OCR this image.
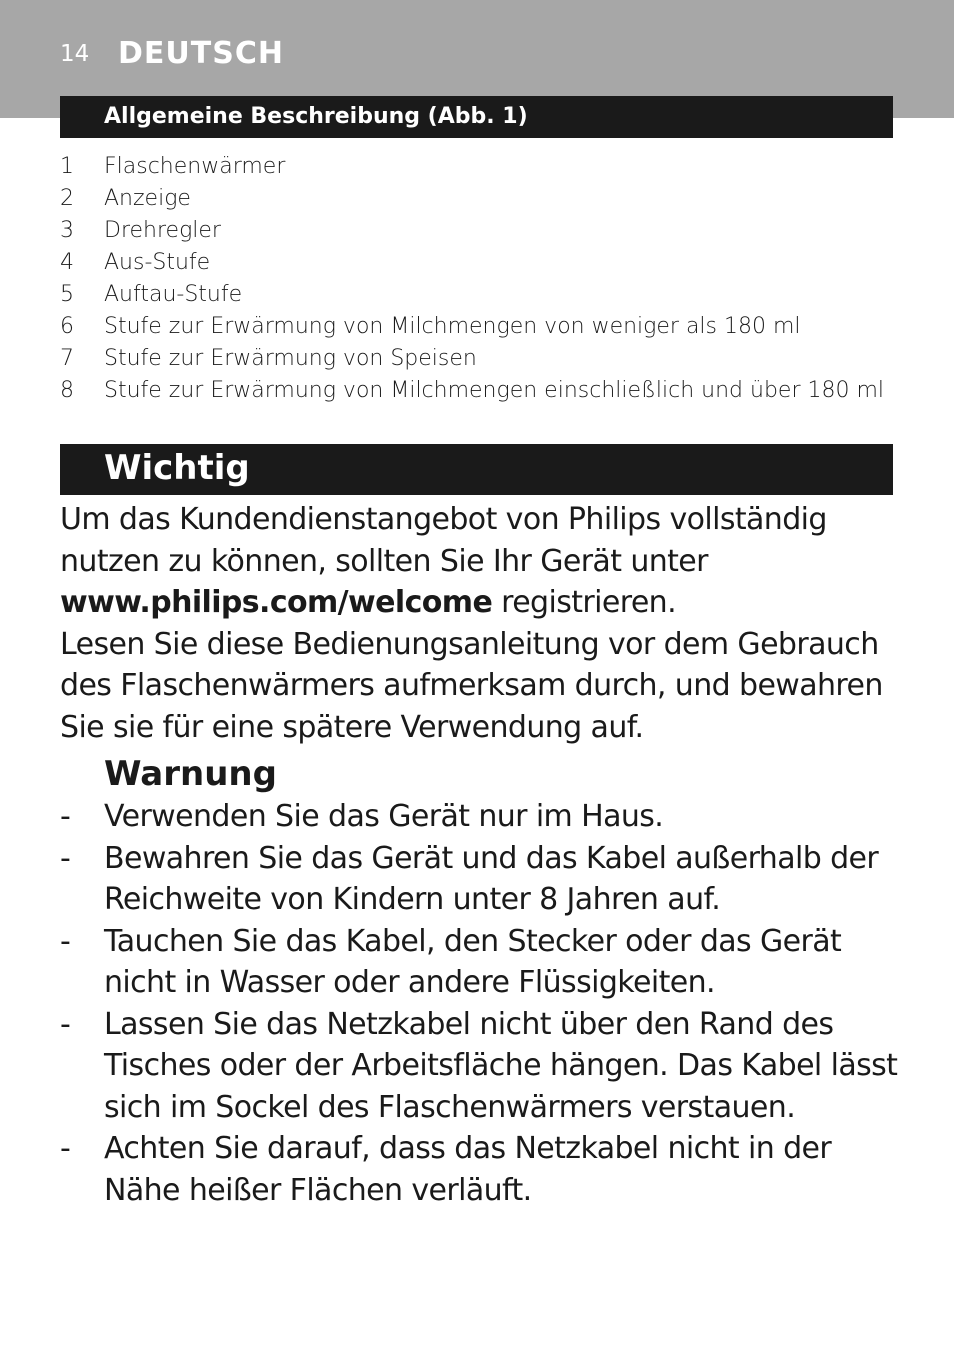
14 DEUTSCH
Allgemeine Beschreibung (Abb. 1)
1 Flaschenwärmer
2 Anzeige
3 Drehregler
4 Aus-Stufe
5 Auftau-Stufe
6 Stufe zur Erwärmung von Milchmengen von weniger als 180 ml
7 Stufe zur Erwärmung von Speisen
8 Stufe zur Erwärmung von Milchmengen einschließlich und über 180 ml
Wichtig

Um das Kundendienstangebot von Philips vollständig nutzen zu können, sollten Sie Ihr Gerät unter www.philips.com/welcome registrieren.

Lesen Sie diese Bedienungsanleitung vor dem Gebrauch des Flaschenwärmers aufmerksam durch, und bewahren Sie sie für eine spätere Verwendung auf.

Warnung
- Verwenden Sie das Gerät nur im Haus.
- Bewahren Sie das Gerät und das Kabel außerhalb der Reichweite von Kindern unter 8 Jahren auf.
- Tauchen Sie das Kabel, den Stecker oder das Gerät nicht in Wasser oder andere Flüssigkeiten.
- Lassen Sie das Netzkabel nicht über den Rand des Tisches oder der Arbeitsfläche hängen. Das Kabel lässt sich im Sockel des Flaschenwärmers verstauen.
- Achten Sie darauf, dass das Netzkabel nicht in der Nähe heißer Flächen verläuft.
